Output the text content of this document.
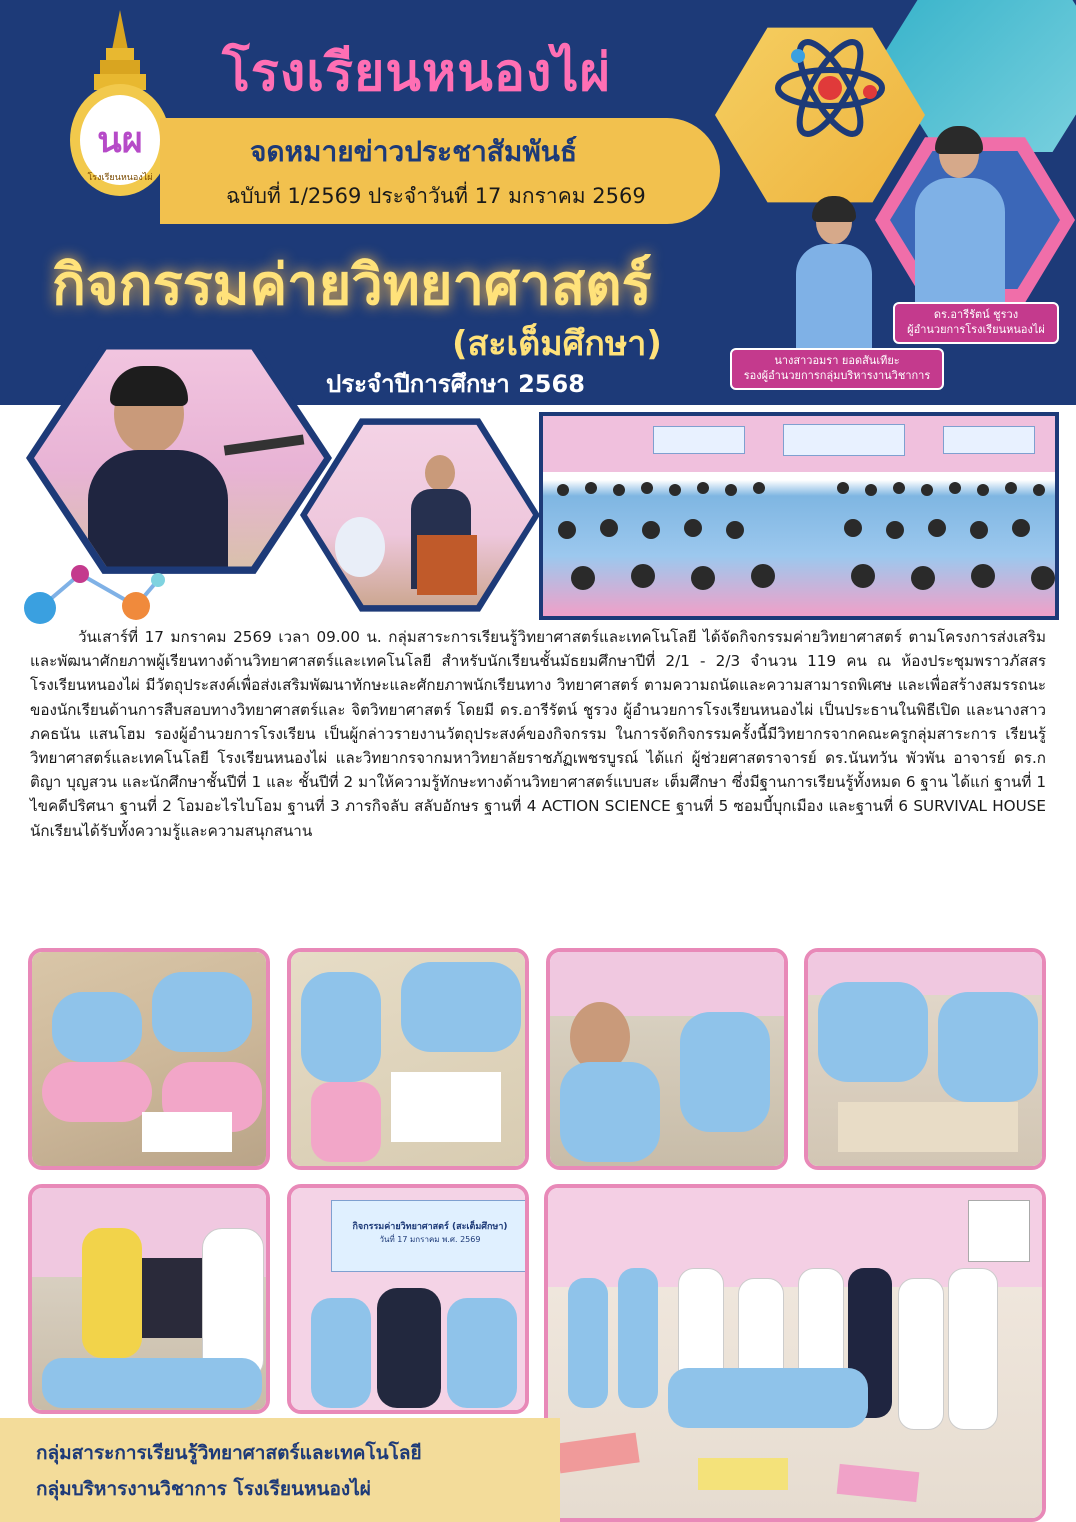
นผ
โรงเรียนหนองไผ่
โรงเรียนหนองไผ่
จดหมายข่าวประชาสัมพันธ์
ฉบับที่ 1/2569 ประจำวันที่ 17 มกราคม 2569
กิจกรรมค่ายวิทยาศาสตร์
(สะเต็มศึกษา)
ประจำปีการศึกษา 2568
ดร.อารีรัตน์ ชูรวง
ผู้อำนวยการโรงเรียนหนองไผ่
นางสาวอมรา ยอดสันเทียะ
รองผู้อำนวยการกลุ่มบริหารงานวิชาการ
วันเสาร์ที่ 17 มกราคม 2569 เวลา 09.00 น. กลุ่มสาระการเรียนรู้วิทยาศาสตร์และเทคโนโลยี ได้จัดกิจกรรมค่ายวิทยาศาสตร์ ตามโครงการส่งเสริมและพัฒนาศักยภาพผู้เรียนทางด้านวิทยาศาสตร์และเทคโนโลยี สำหรับนักเรียนชั้นมัธยมศึกษาปีที่ 2/1 - 2/3 จำนวน 119 คน ณ ห้องประชุมพราวภัสสร โรงเรียนหนองไผ่ มีวัตถุประสงค์เพื่อส่งเสริมพัฒนาทักษะและศักยภาพนักเรียนทาง วิทยาศาสตร์ ตามความถนัดและความสามารถพิเศษ และเพื่อสร้างสมรรถนะของนักเรียนด้านการสืบสอบทางวิทยาศาสตร์และ จิตวิทยาศาสตร์ โดยมี ดร.อารีรัตน์ ชูรวง ผู้อำนวยการโรงเรียนหนองไผ่ เป็นประธานในพิธีเปิด และนางสาวภคธนัน แสนโฮม รองผู้อำนวยการโรงเรียน เป็นผู้กล่าวรายงานวัตถุประสงค์ของกิจกรรม ในการจัดกิจกรรมครั้งนี้มีวิทยากรจากคณะครูกลุ่มสาระการ เรียนรู้วิทยาศาสตร์และเทคโนโลยี โรงเรียนหนองไผ่ และวิทยากรจากมหาวิทยาลัยราชภัฏเพชรบูรณ์ ได้แก่ ผู้ช่วยศาสตราจารย์ ดร.นันทวัน พัวพัน อาจารย์ ดร.กติญา บุญสวน และนักศึกษาชั้นปีที่ 1 และ ชั้นปีที่ 2 มาให้ความรู้ทักษะทางด้านวิทยาศาสตร์แบบสะ เต็มศึกษา ซึ่งมีฐานการเรียนรู้ทั้งหมด 6 ฐาน ได้แก่ ฐานที่ 1 ไขคดีปริศนา ฐานที่ 2 โอมอะไรไบโอม ฐานที่ 3 ภารกิจลับ สลับอักษร ฐานที่ 4 ACTION SCIENCE ฐานที่ 5 ซอมบี้บุกเมือง และฐานที่ 6 SURVIVAL HOUSE นักเรียนได้รับทั้งความรู้และความสนุกสนาน
กิจกรรมค่ายวิทยาศาสตร์ (สะเต็มศึกษา)
วันที่ 17 มกราคม พ.ศ. 2569
กลุ่มสาระการเรียนรู้วิทยาศาสตร์และเทคโนโลยี
กลุ่มบริหารงานวิชาการ โรงเรียนหนองไผ่
